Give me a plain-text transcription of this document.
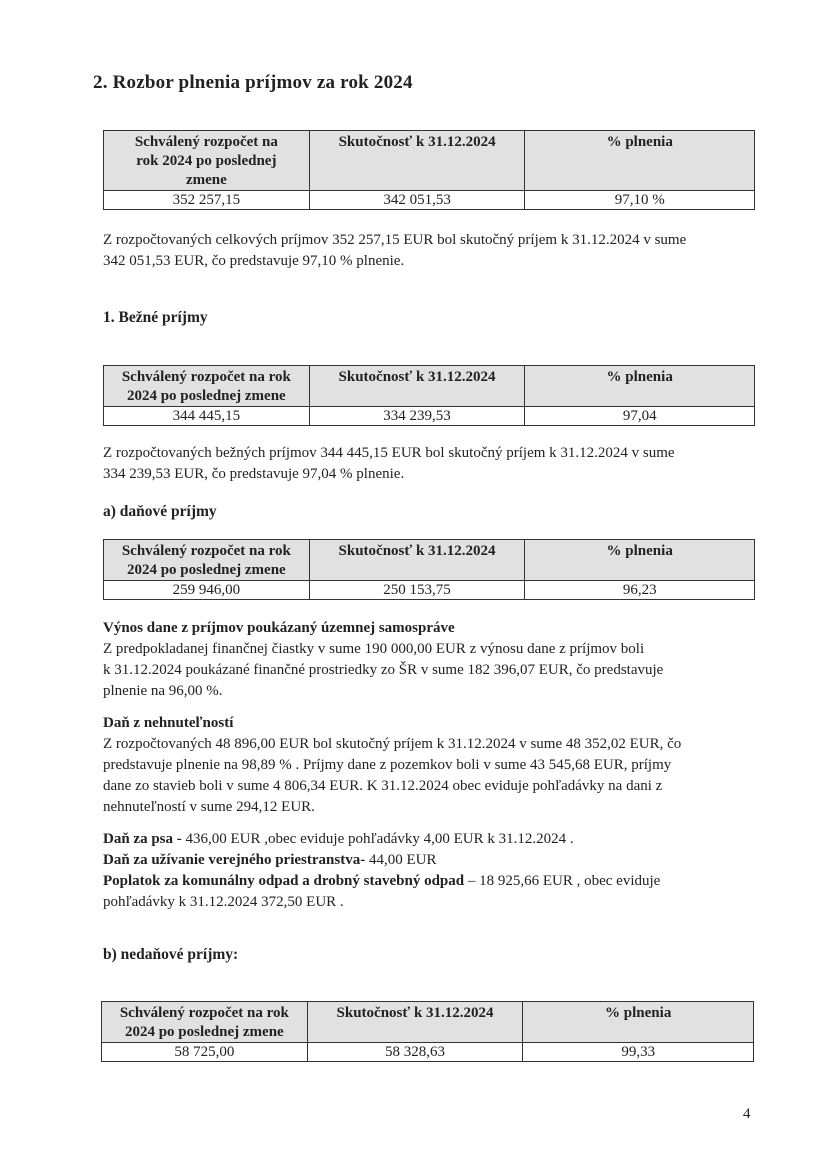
2. Rozbor plnenia príjmov za rok 2024
Schválený rozpočet na rok 2024 po poslednej zmene	Skutočnosť k 31.12.2024	% plnenia
352 257,15	342 051,53	97,10 %

Z rozpočtovaných celkových príjmov 352 257,15 EUR bol skutočný príjem k 31.12.2024 v sume
342 051,53 EUR, čo predstavuje 97,10 % plnenie.

1. Bežné príjmy
Schválený rozpočet na rok 2024 po poslednej zmene	Skutočnosť k 31.12.2024	% plnenia
344 445,15	334 239,53	97,04

Z rozpočtovaných bežných príjmov 344 445,15 EUR bol skutočný príjem k 31.12.2024 v sume
334 239,53 EUR, čo predstavuje 97,04 % plnenie.

a) daňové príjmy
Schválený rozpočet na rok 2024 po poslednej zmene	Skutočnosť k 31.12.2024	% plnenia
259 946,00	250 153,75	96,23

Výnos dane z príjmov poukázaný územnej samospráve
Z predpokladanej finančnej čiastky v sume 190 000,00 EUR z výnosu dane z príjmov boli
k 31.12.2024 poukázané finančné prostriedky zo ŠR v sume 182 396,07 EUR, čo predstavuje
plnenie na 96,00 %.

Daň z nehnuteľností
Z rozpočtovaných 48 896,00 EUR bol skutočný príjem k 31.12.2024 v sume 48 352,02 EUR, čo
predstavuje plnenie na 98,89 % . Príjmy dane z pozemkov boli v sume 43 545,68 EUR, príjmy
dane zo stavieb boli v sume 4 806,34 EUR. K 31.12.2024 obec eviduje pohľadávky na dani z
nehnuteľností v sume 294,12 EUR.

Daň za psa - 436,00 EUR ,obec eviduje pohľadávky 4,00 EUR k 31.12.2024 .
Daň za užívanie verejného priestranstva- 44,00 EUR
Poplatok za komunálny odpad a drobný stavebný odpad – 18 925,66 EUR , obec eviduje
pohľadávky k 31.12.2024 372,50 EUR .

b) nedaňové príjmy:
Schválený rozpočet na rok 2024 po poslednej zmene	Skutočnosť k 31.12.2024	% plnenia
58 725,00	58 328,63	99,33
4
